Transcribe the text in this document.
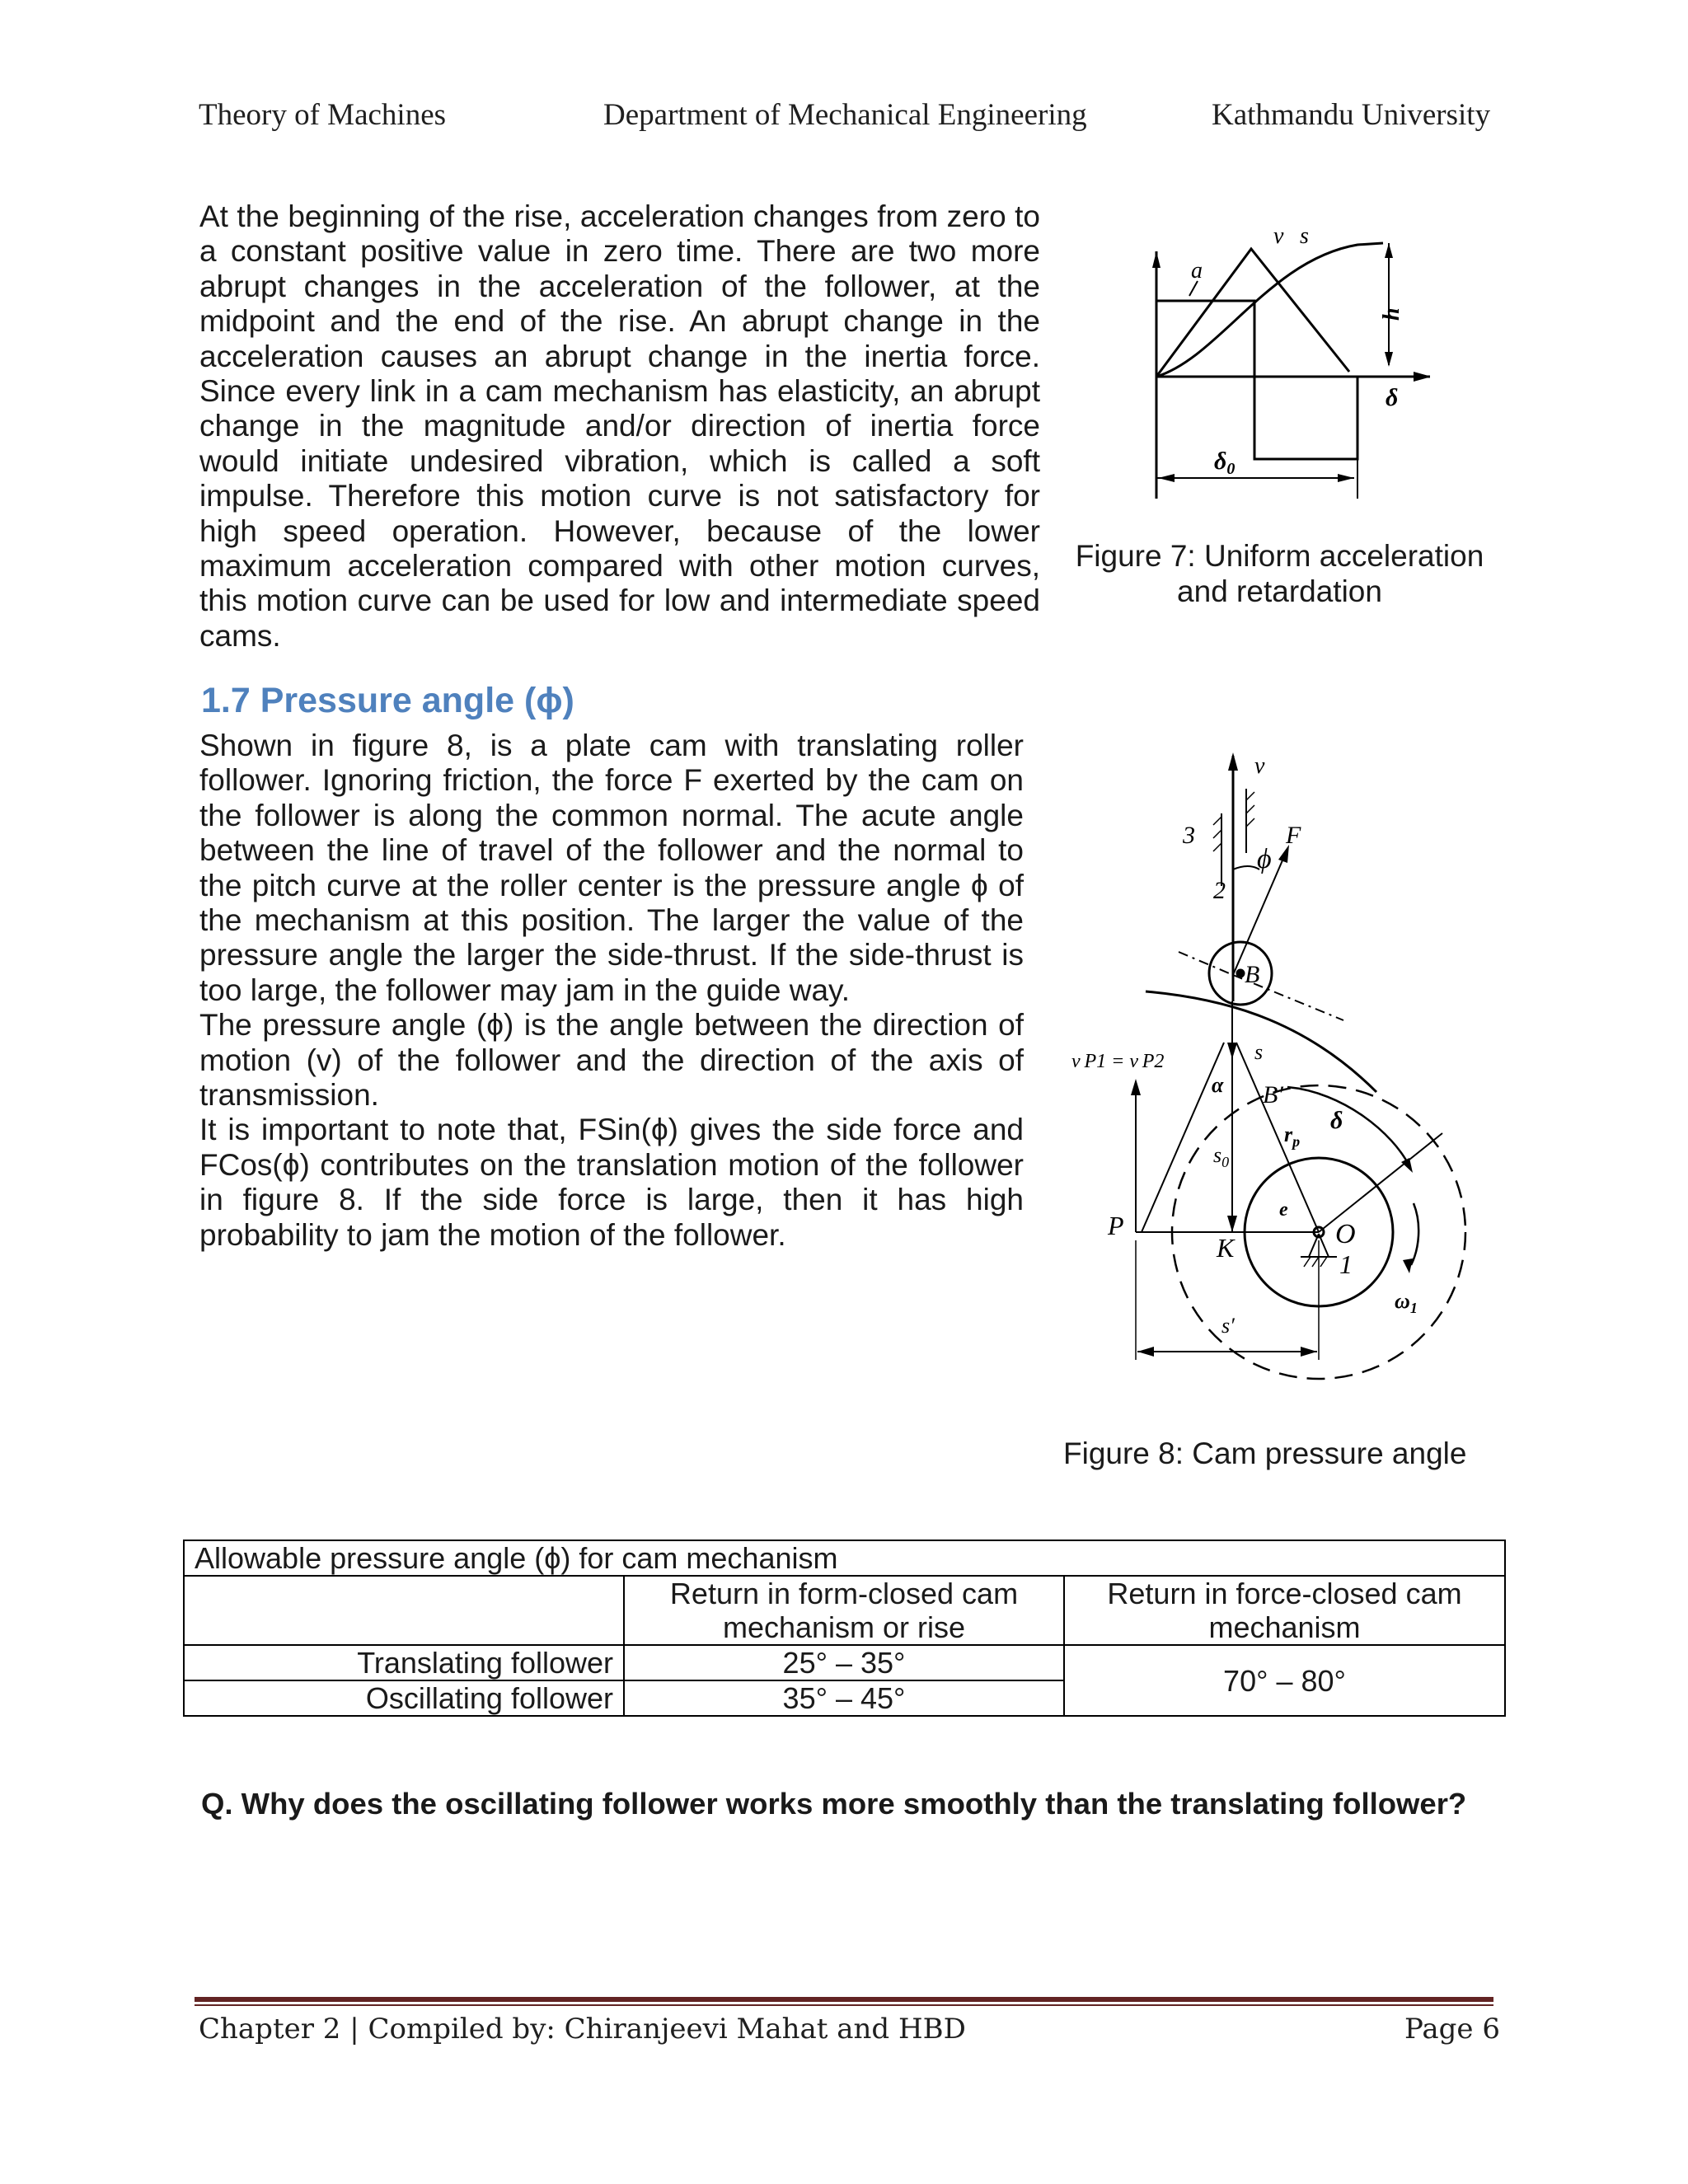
Theory of Machines	Department of Mechanical Engineering	Kathmandu University

At the beginning of the rise, acceleration changes from zero to a constant positive value in zero time. There are two more abrupt changes in the acceleration of the follower, at the midpoint and the end of the rise. An abrupt change in the acceleration causes an abrupt change in the inertia force. Since every link in a cam mechanism has elasticity, an abrupt change in the magnitude and/or direction of inertia force would initiate undesired vibration, which is called a soft impulse. Therefore this motion curve is not satisfactory for high speed operation. However, because of the lower maximum acceleration compared with other motion curves, this motion curve can be used for low and intermediate speed cams.

a
v s
h
δ
$\delta_0$
Figure 7: Uniform acceleration
and retardation
1.7 Pressure angle (ϕ)

Shown in figure 8, is a plate cam with translating roller follower. Ignoring friction, the force F exerted by the cam on the follower is along the common normal. The acute angle between the line of travel of the follower and the normal to the pitch curve at the roller center is the pressure angle ϕ of the mechanism at this position. The larger the value of the pressure angle the larger the side-thrust. If the side-thrust is too large, the follower may jam in the guide way.

The pressure angle (ϕ) is the angle between the direction of motion (v) of the follower and the direction of the axis of transmission.

It is important to note that, FSin(ϕ) gives the side force and FCos(ϕ) contributes on the translation motion of the follower in figure 8. If the side force is large, then it has high probability to jam the motion of the follower.

v
F
ϕ
3
2
B
v P1 = v P2	s
α B′
$r_p$
δ
$s_0$
e
P
K	O
1
$\omega_1$
s′
Figure 8: Cam pressure angle
Allowable pressure angle (ϕ) for cam mechanism		
	Return in form-closed cam mechanism or rise	Return in force-closed cam mechanism
Translating follower	25° – 35°	70° – 80°
Oscillating follower	35° – 45°	

Q. Why does the oscillating follower works more smoothly than the translating follower?

Chapter 2 | Compiled by: Chiranjeevi Mahat and HBD	Page 6
